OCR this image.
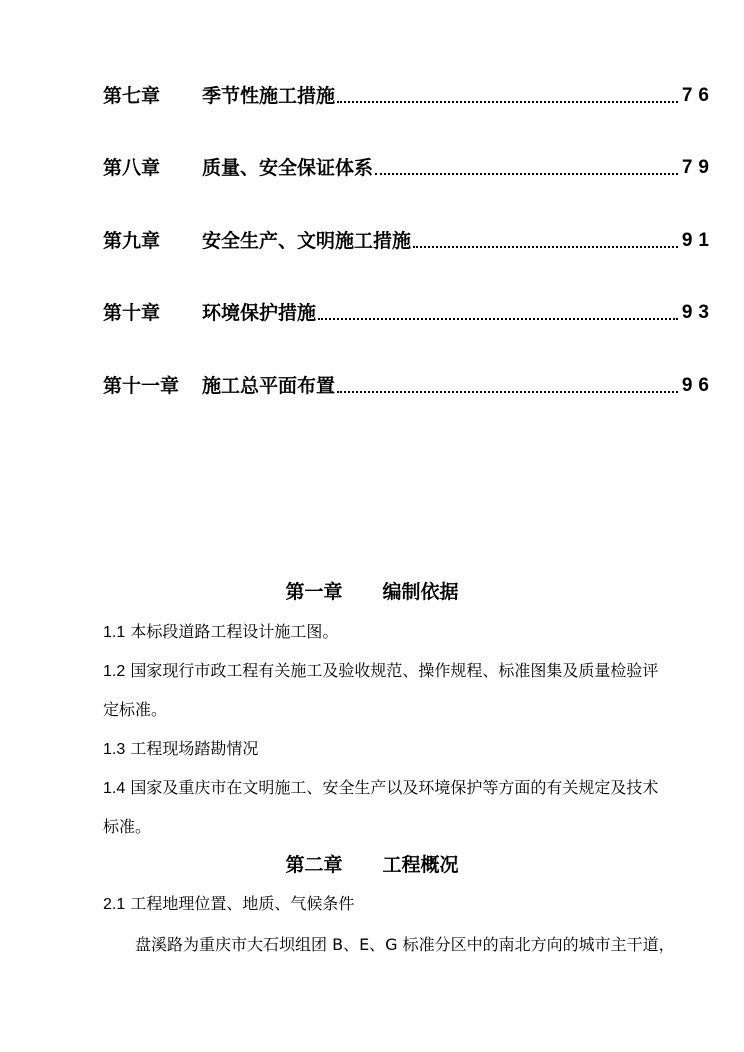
第七章	季节性施工措施	76
第八章	质量、安全保证体系	79
第九章	安全生产、文明施工措施	91
第十章	环境保护措施	93
第十一章	施工总平面布置	96
第一章 编制依据
1.1 本标段道路工程设计施工图。
1.2 国家现行市政工程有关施工及验收规范、操作规程、标准图集及质量检验评
定标准。
1.3 工程现场踏勘情况
1.4 国家及重庆市在文明施工、安全生产以及环境保护等方面的有关规定及技术
标准。
第二章 工程概况
2.1 工程地理位置、地质、气候条件
盘溪路为重庆市大石坝组团 B、E、G 标准分区中的南北方向的城市主干道，
